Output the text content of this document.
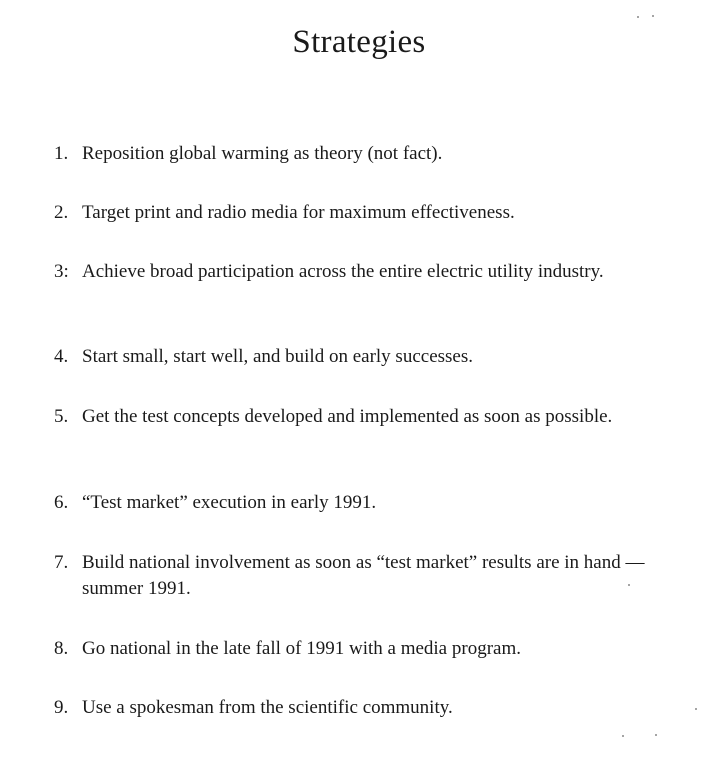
Strategies
1. Reposition global warming as theory (not fact).
2. Target print and radio media for maximum effectiveness.
3: Achieve broad participation across the entire electric utility industry.
4. Start small, start well, and build on early successes.
5. Get the test concepts developed and implemented as soon as possible.
6. “Test market” execution in early 1991.
7. Build national involvement as soon as “test market” results are in hand — summer 1991.
8. Go national in the late fall of 1991 with a media program.
9. Use a spokesman from the scientific community.
